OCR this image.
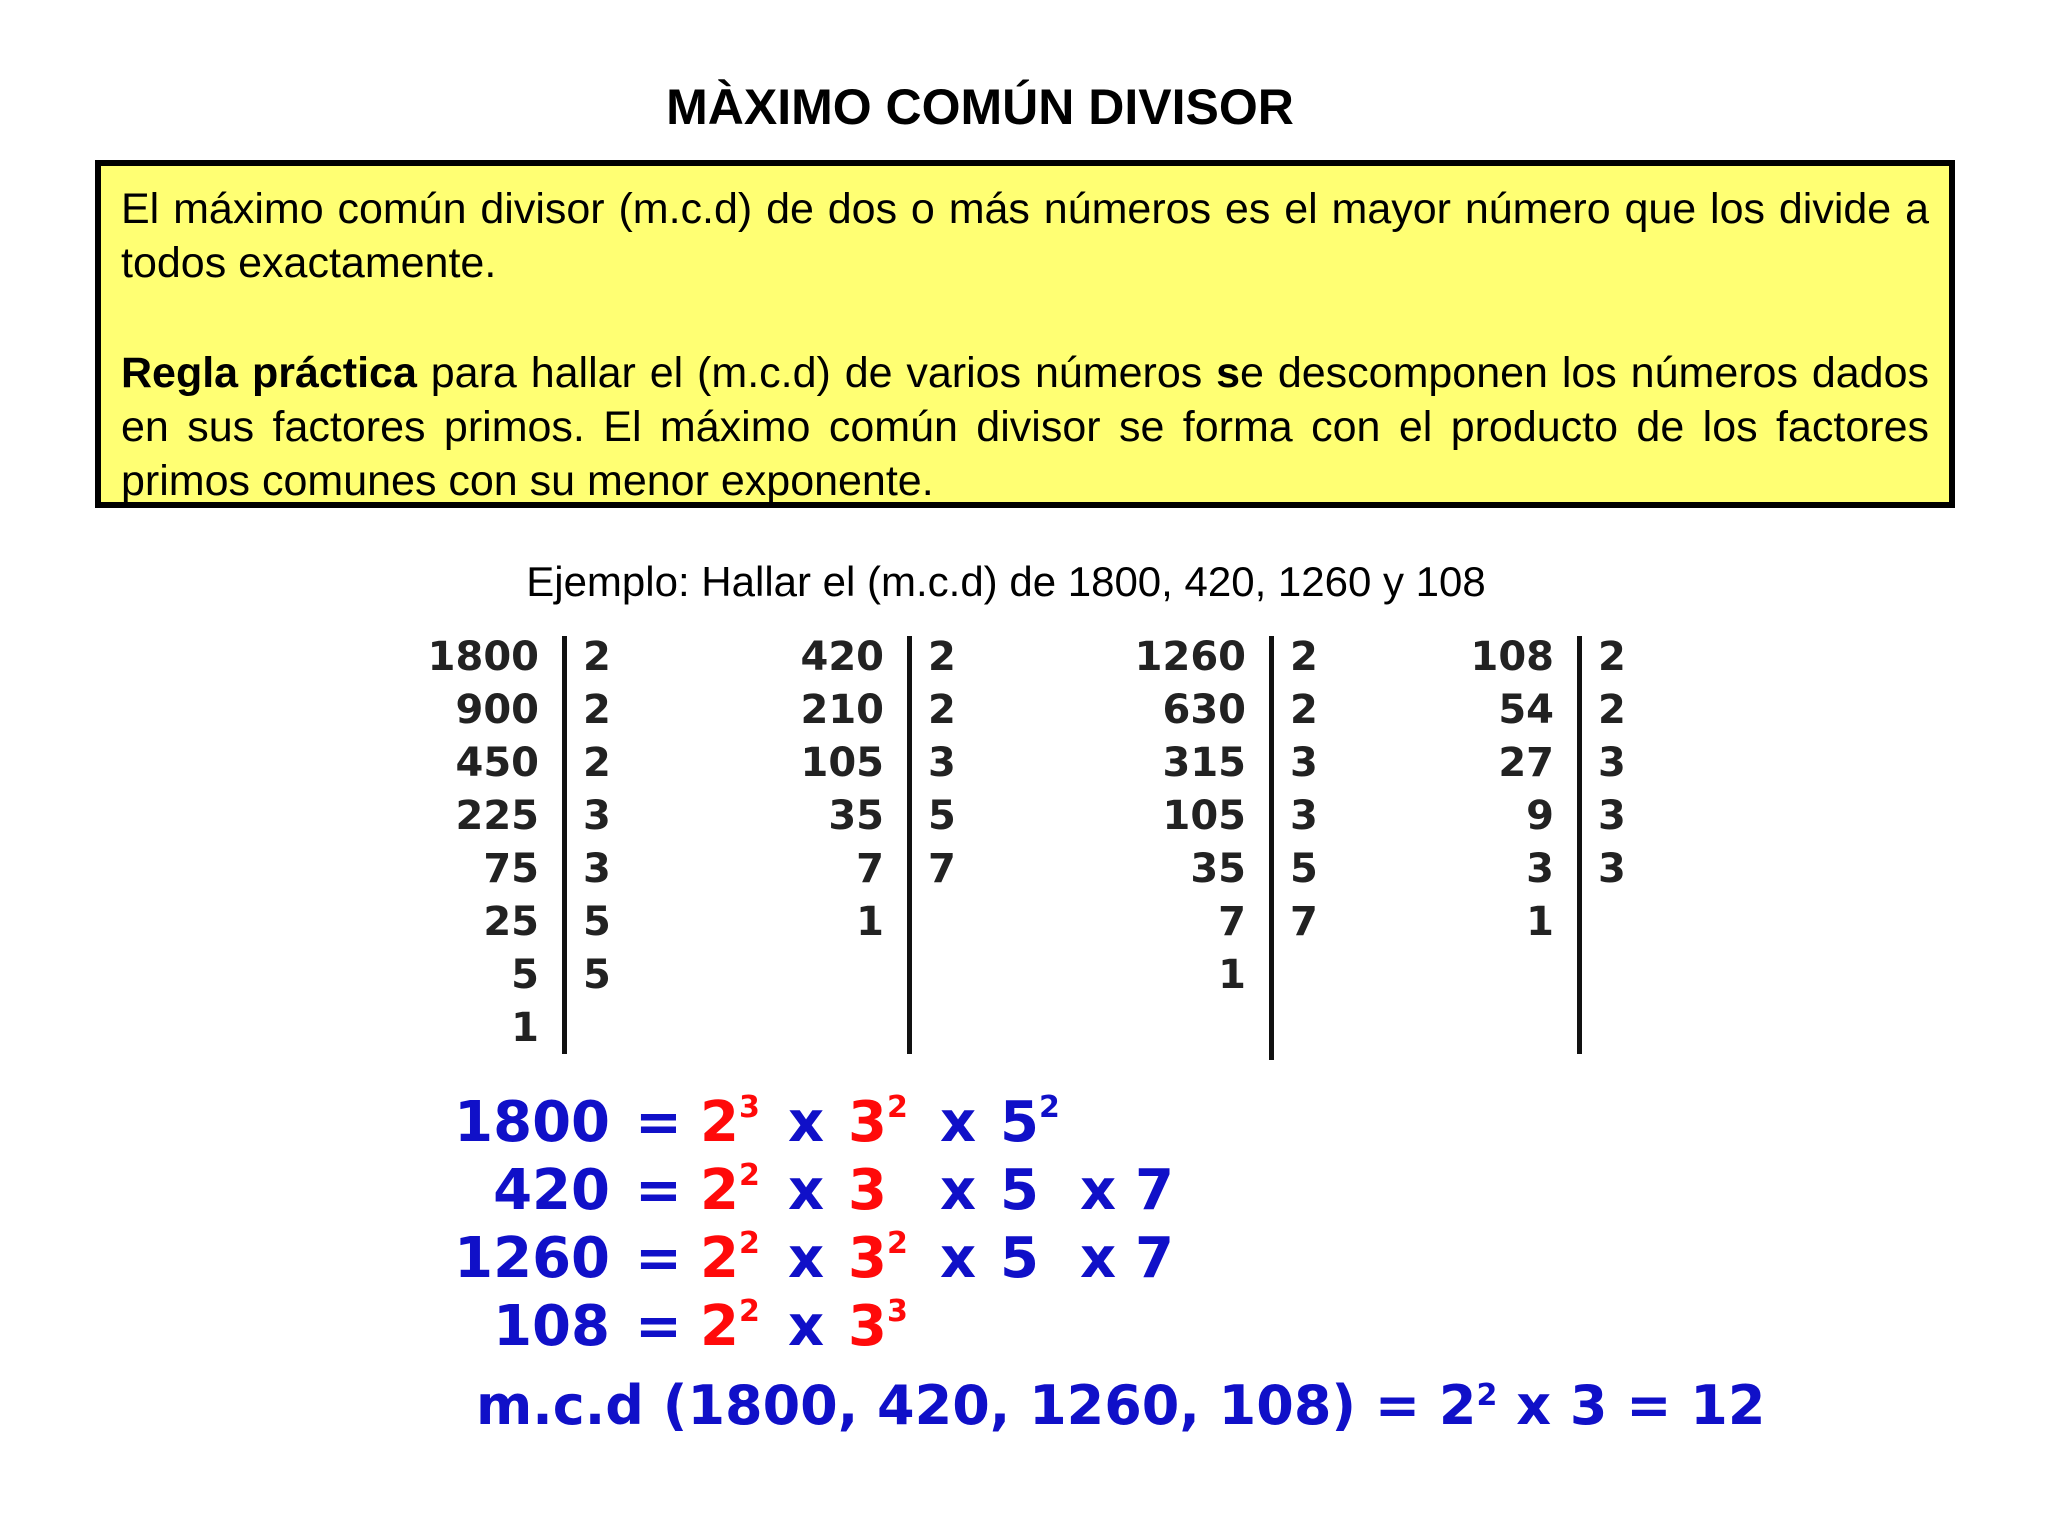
MÀXIMO COMÚN DIVISOR

El máximo común divisor (m.c.d) de dos o más números es el mayor número que los divide a todos exactamente.

Regla práctica para hallar el (m.c.d) de varios números se descomponen los números dados en sus factores primos. El máximo común divisor se forma con el producto de los factores primos comunes con su menor exponente.

Ejemplo: Hallar el (m.c.d) de 1800, 420, 1260 y 108
1800	2
900	2
450	2
225	3
75	3
25	5
5	5
1
420	2
210	2
105	3
35	5
7	7
1
1260	2
630	2
315	3
105	3
35	5
7	7
1
108	2
54	2
27	3
9	3
3	3
1
$1800 = 2^3$ $3^2$ $5^2$
x x
$420 = 2^2$ 3 5
x x x 7
$1260 = 2^2$ $3^2$ 5
x x x 7
$108 = 2^2$ $3^3$
x
m.c.d (1800, 420, 1260, $108) = 2^2$ x 3 = 12
